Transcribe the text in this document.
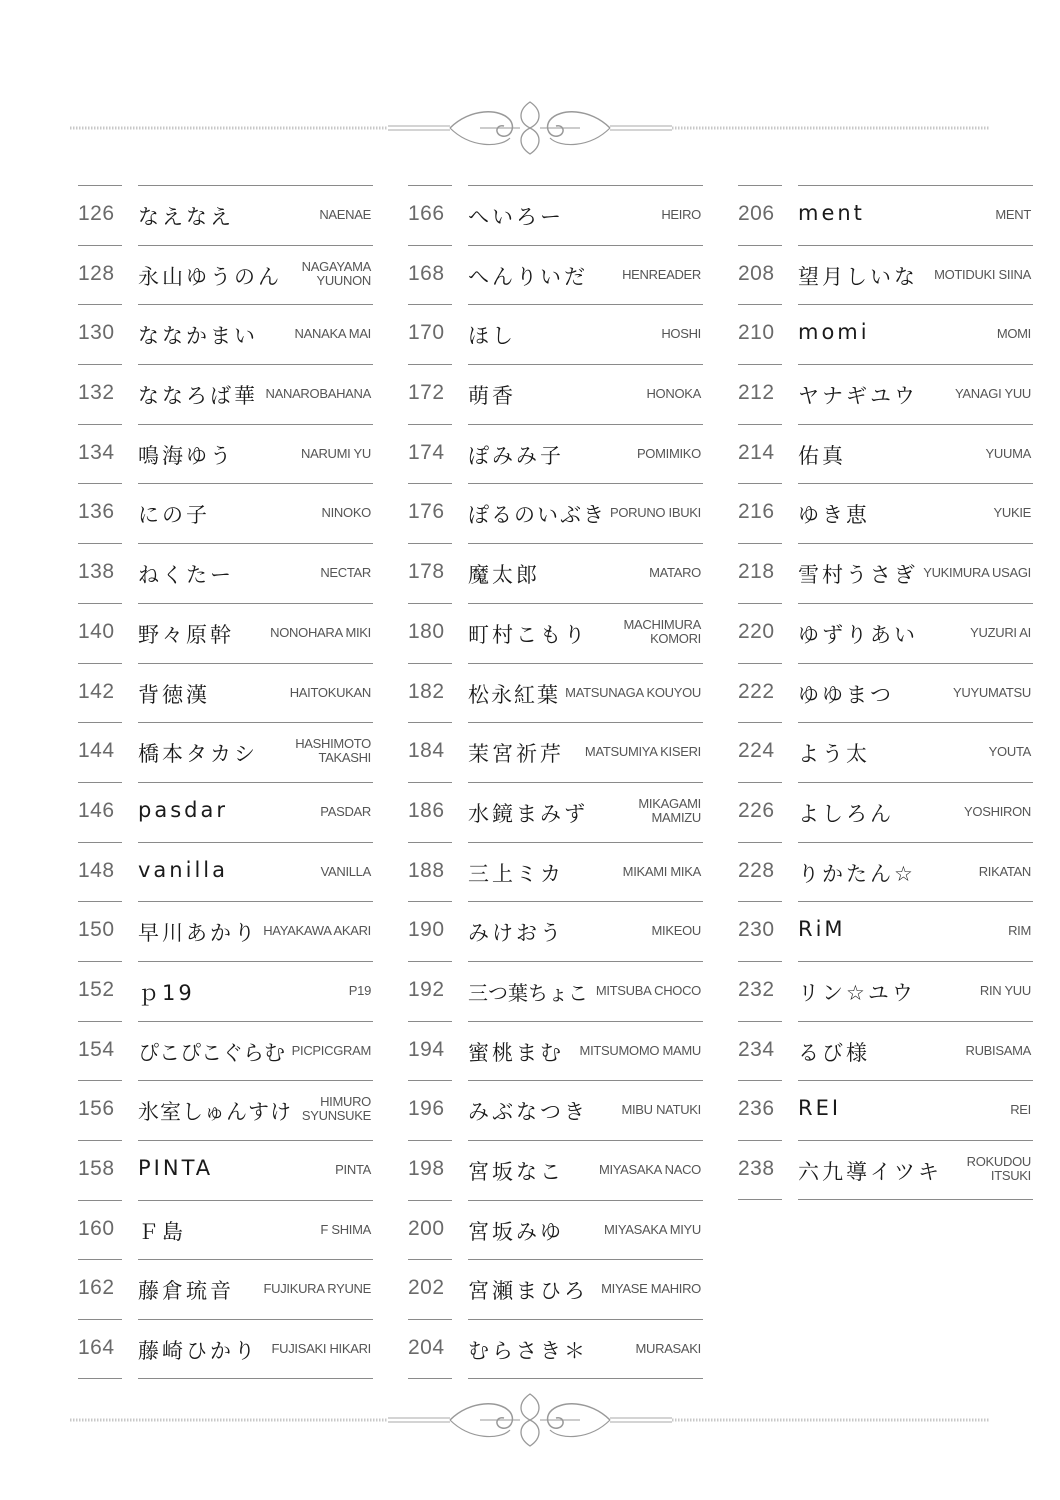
126	なえなえ	NAENAE
128	永山ゆうのん NAGAYAMA
YUUNON
130	ななかまい	NANAKA MAI
132	ななろば華 NANAROBAHANA
134	鳴海ゆう	NARUMI YU
136	にの子	NINOKO
138	ねくたー	NECTAR
140	野々原幹	NONOHARA MIKI
142	背徳漢	HAITOKUKAN
144	橋本タカシ	HASHIMOTO
TAKASHI
146	pasdar	PASDAR
148	vanilla	VANILLA
150	早川あかり HAYAKAWA AKARI
152	ｐ19	P19
154	ぴこぴこぐらむ PICPICGRAM
156	氷室しゅんすけ	HIMURO
SYUNSUKE
158	PINTA	PINTA
160	Ｆ島	F SHIMA
162	藤倉琉音 FUJIKURA RYUNE
164	藤崎ひかり FUJISAKI HIKARI
166	へいろー	HEIRO
168	へんりいだ	HENREADER
170	ほし	HOSHI
172	萌香	HONOKA
174	ぽみみ子	POMIMIKO
176	ぽるのいぶき PORUNO IBUKI
178	魔太郎	MATARO
180	町村こもり	MACHIMURA
KOMORI
182	松永紅葉 MATSUNAGA KOUYOU
184	茉宮祈芹 MATSUMIYA KISERI
186	水鏡まみず	MIKAGAMI
MAMIZU
188	三上ミカ	MIKAMI MIKA
190	みけおう	MIKEOU
192	三つ葉ちょこ MITSUBA CHOCO
194	蜜桃まむ MITSUMOMO MAMU
196	みぶなつき	MIBU NATUKI
198	宮坂なこ	MIYASAKA NACO
200	宮坂みゆ	MIYASAKA MIYU
202	宮瀬まひろ MIYASE MAHIRO
204	むらさき＊	MURASAKI
206	ment	MENT
208	望月しいな MOTIDUKI SIINA
210	momi	MOMI
212	ヤナギユウ	YANAGI YUU
214	佑真	YUUMA
216	ゆき恵	YUKIE
218	雪村うさぎ YUKIMURA USAGI
220	ゆずりあい	YUZURI AI
222	ゆゆまつ	YUYUMATSU
224	よう太	YOUTA
226	よしろん	YOSHIRON
228	りかたん☆	RIKATAN
230	RiM	RIM
232	リン☆ユウ	RIN YUU
234	るび様	RUBISAMA
236	REI	REI
238	六九導イツキ ROKUDOU
ITSUKI
